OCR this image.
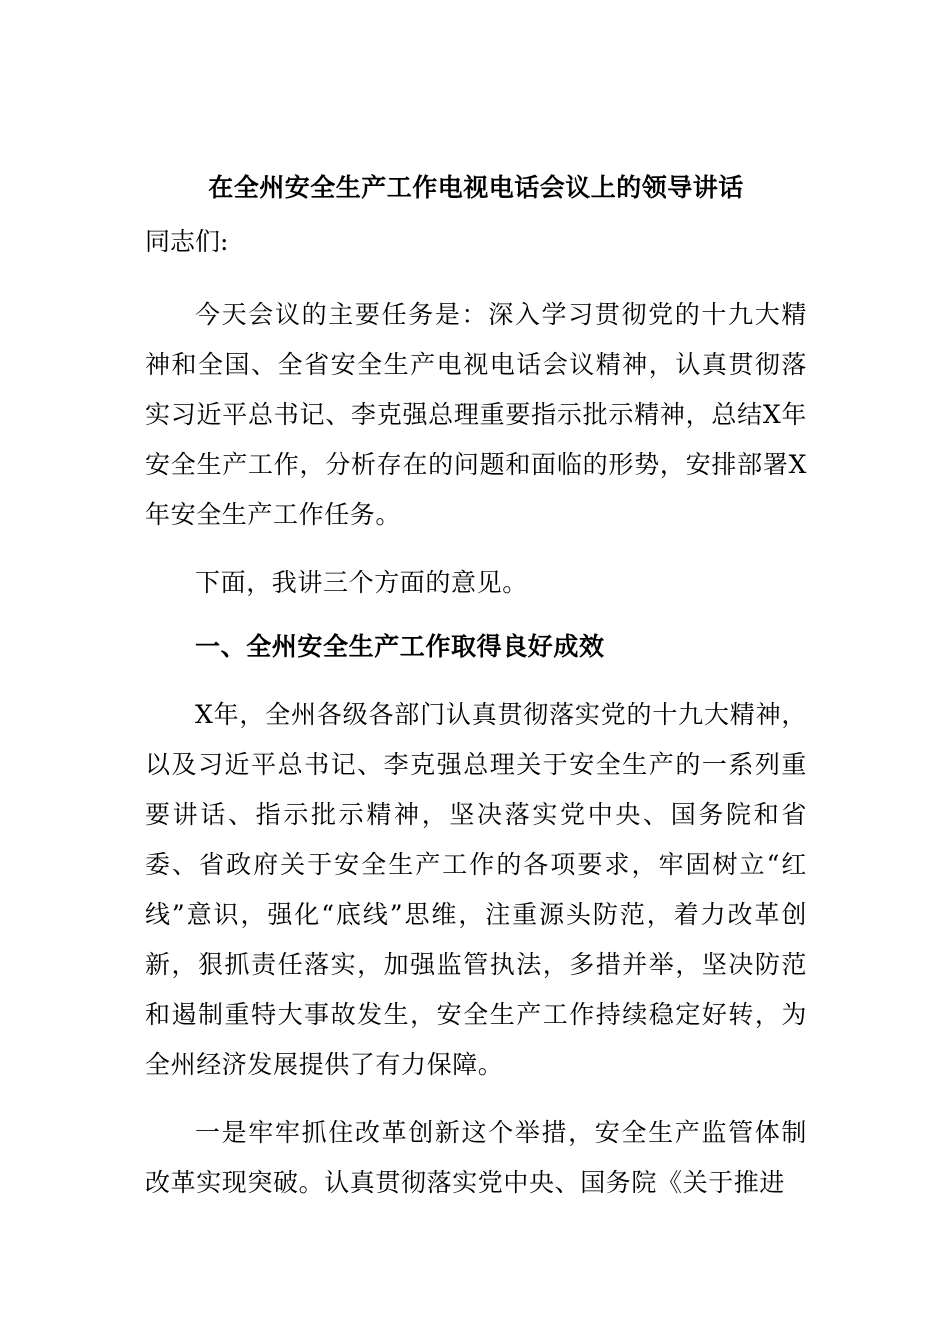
在全州安全生产工作电视电话会议上的领导讲话

同志们:

今天会议的主要任务是：深入学习贯彻党的十九大精神和全国、全省安全生产电视电话会议精神，认真贯彻落实习近平总书记、李克强总理重要指示批示精神，总结X年安全生产工作，分析存在的问题和面临的形势，安排部署X年安全生产工作任务。

下面，我讲三个方面的意见。

一、全州安全生产工作取得良好成效

X年，全州各级各部门认真贯彻落实党的十九大精神，以及习近平总书记、李克强总理关于安全生产的一系列重要讲话、指示批示精神，坚决落实党中央、国务院和省委、省政府关于安全生产工作的各项要求，牢固树立“红线”意识，强化“底线”思维，注重源头防范，着力改革创新，狠抓责任落实，加强监管执法，多措并举，坚决防范和遏制重特大事故发生，安全生产工作持续稳定好转，为全州经济发展提供了有力保障。

一是牢牢抓住改革创新这个举措，安全生产监管体制改革实现突破。认真贯彻落实党中央、国务院《关于推进
